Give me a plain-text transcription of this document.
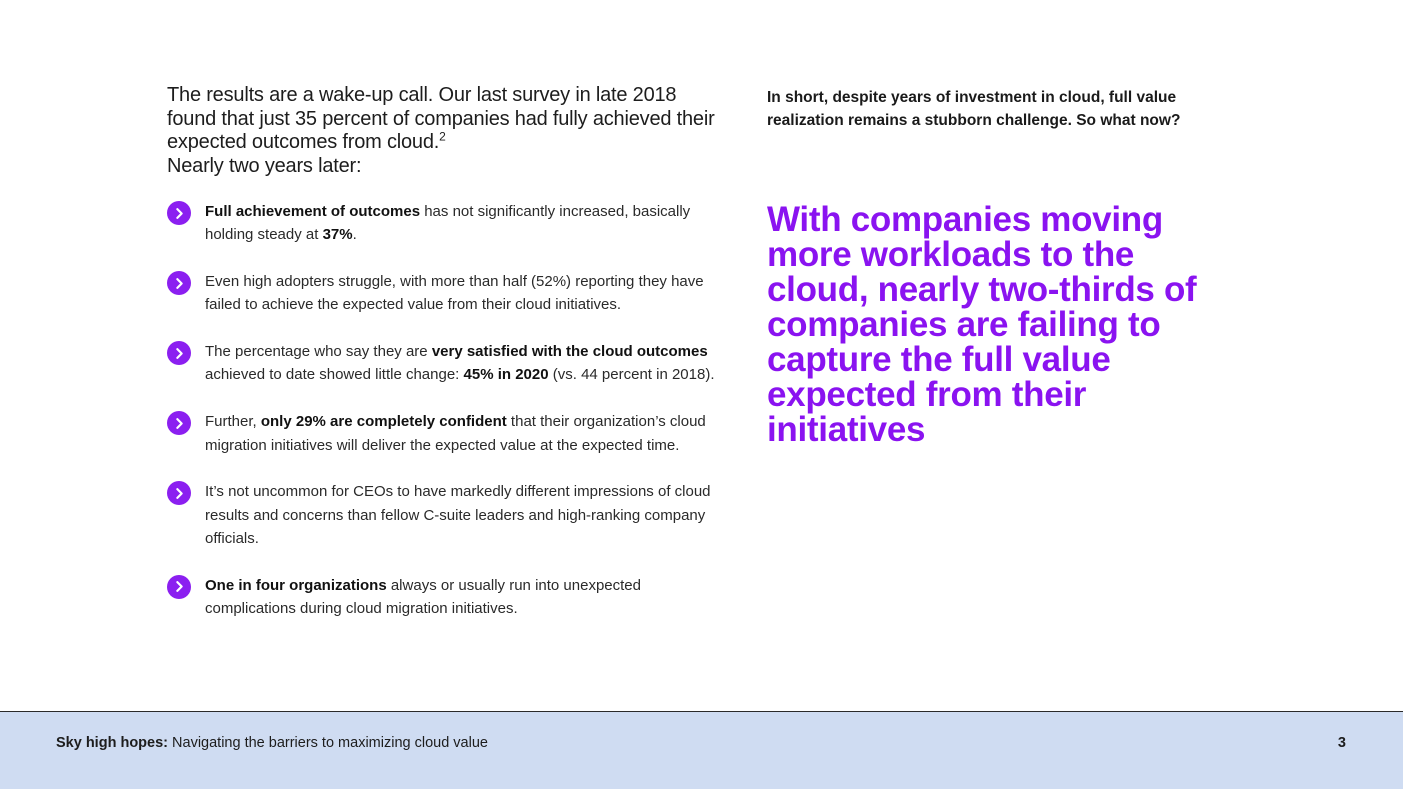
The results are a wake-up call. Our last survey in late 2018 found that just 35 percent of companies had fully achieved their expected outcomes from cloud.$^2$
Nearly two years later:

Full achievement of outcomes has not significantly increased, basically holding steady at 37%.
Even high adopters struggle, with more than half (52%) reporting they have failed to achieve the expected value from their cloud initiatives.
The percentage who say they are very satisfied with the cloud outcomes achieved to date showed little change: 45% in 2020 (vs. 44 percent in 2018).
Further, only 29% are completely confident that their organization’s cloud migration initiatives will deliver the expected value at the expected time.
It’s not uncommon for CEOs to have markedly different impressions of cloud results and concerns than fellow C-suite leaders and high-ranking company officials.
One in four organizations always or usually run into unexpected complications during cloud migration initiatives.

In short, despite years of investment in cloud, full value realization remains a stubborn challenge. So what now?

With companies moving more workloads to the cloud, nearly two-thirds of companies are failing to capture the full value expected from their initiatives

Sky high hopes: Navigating the barriers to maximizing cloud value	3
